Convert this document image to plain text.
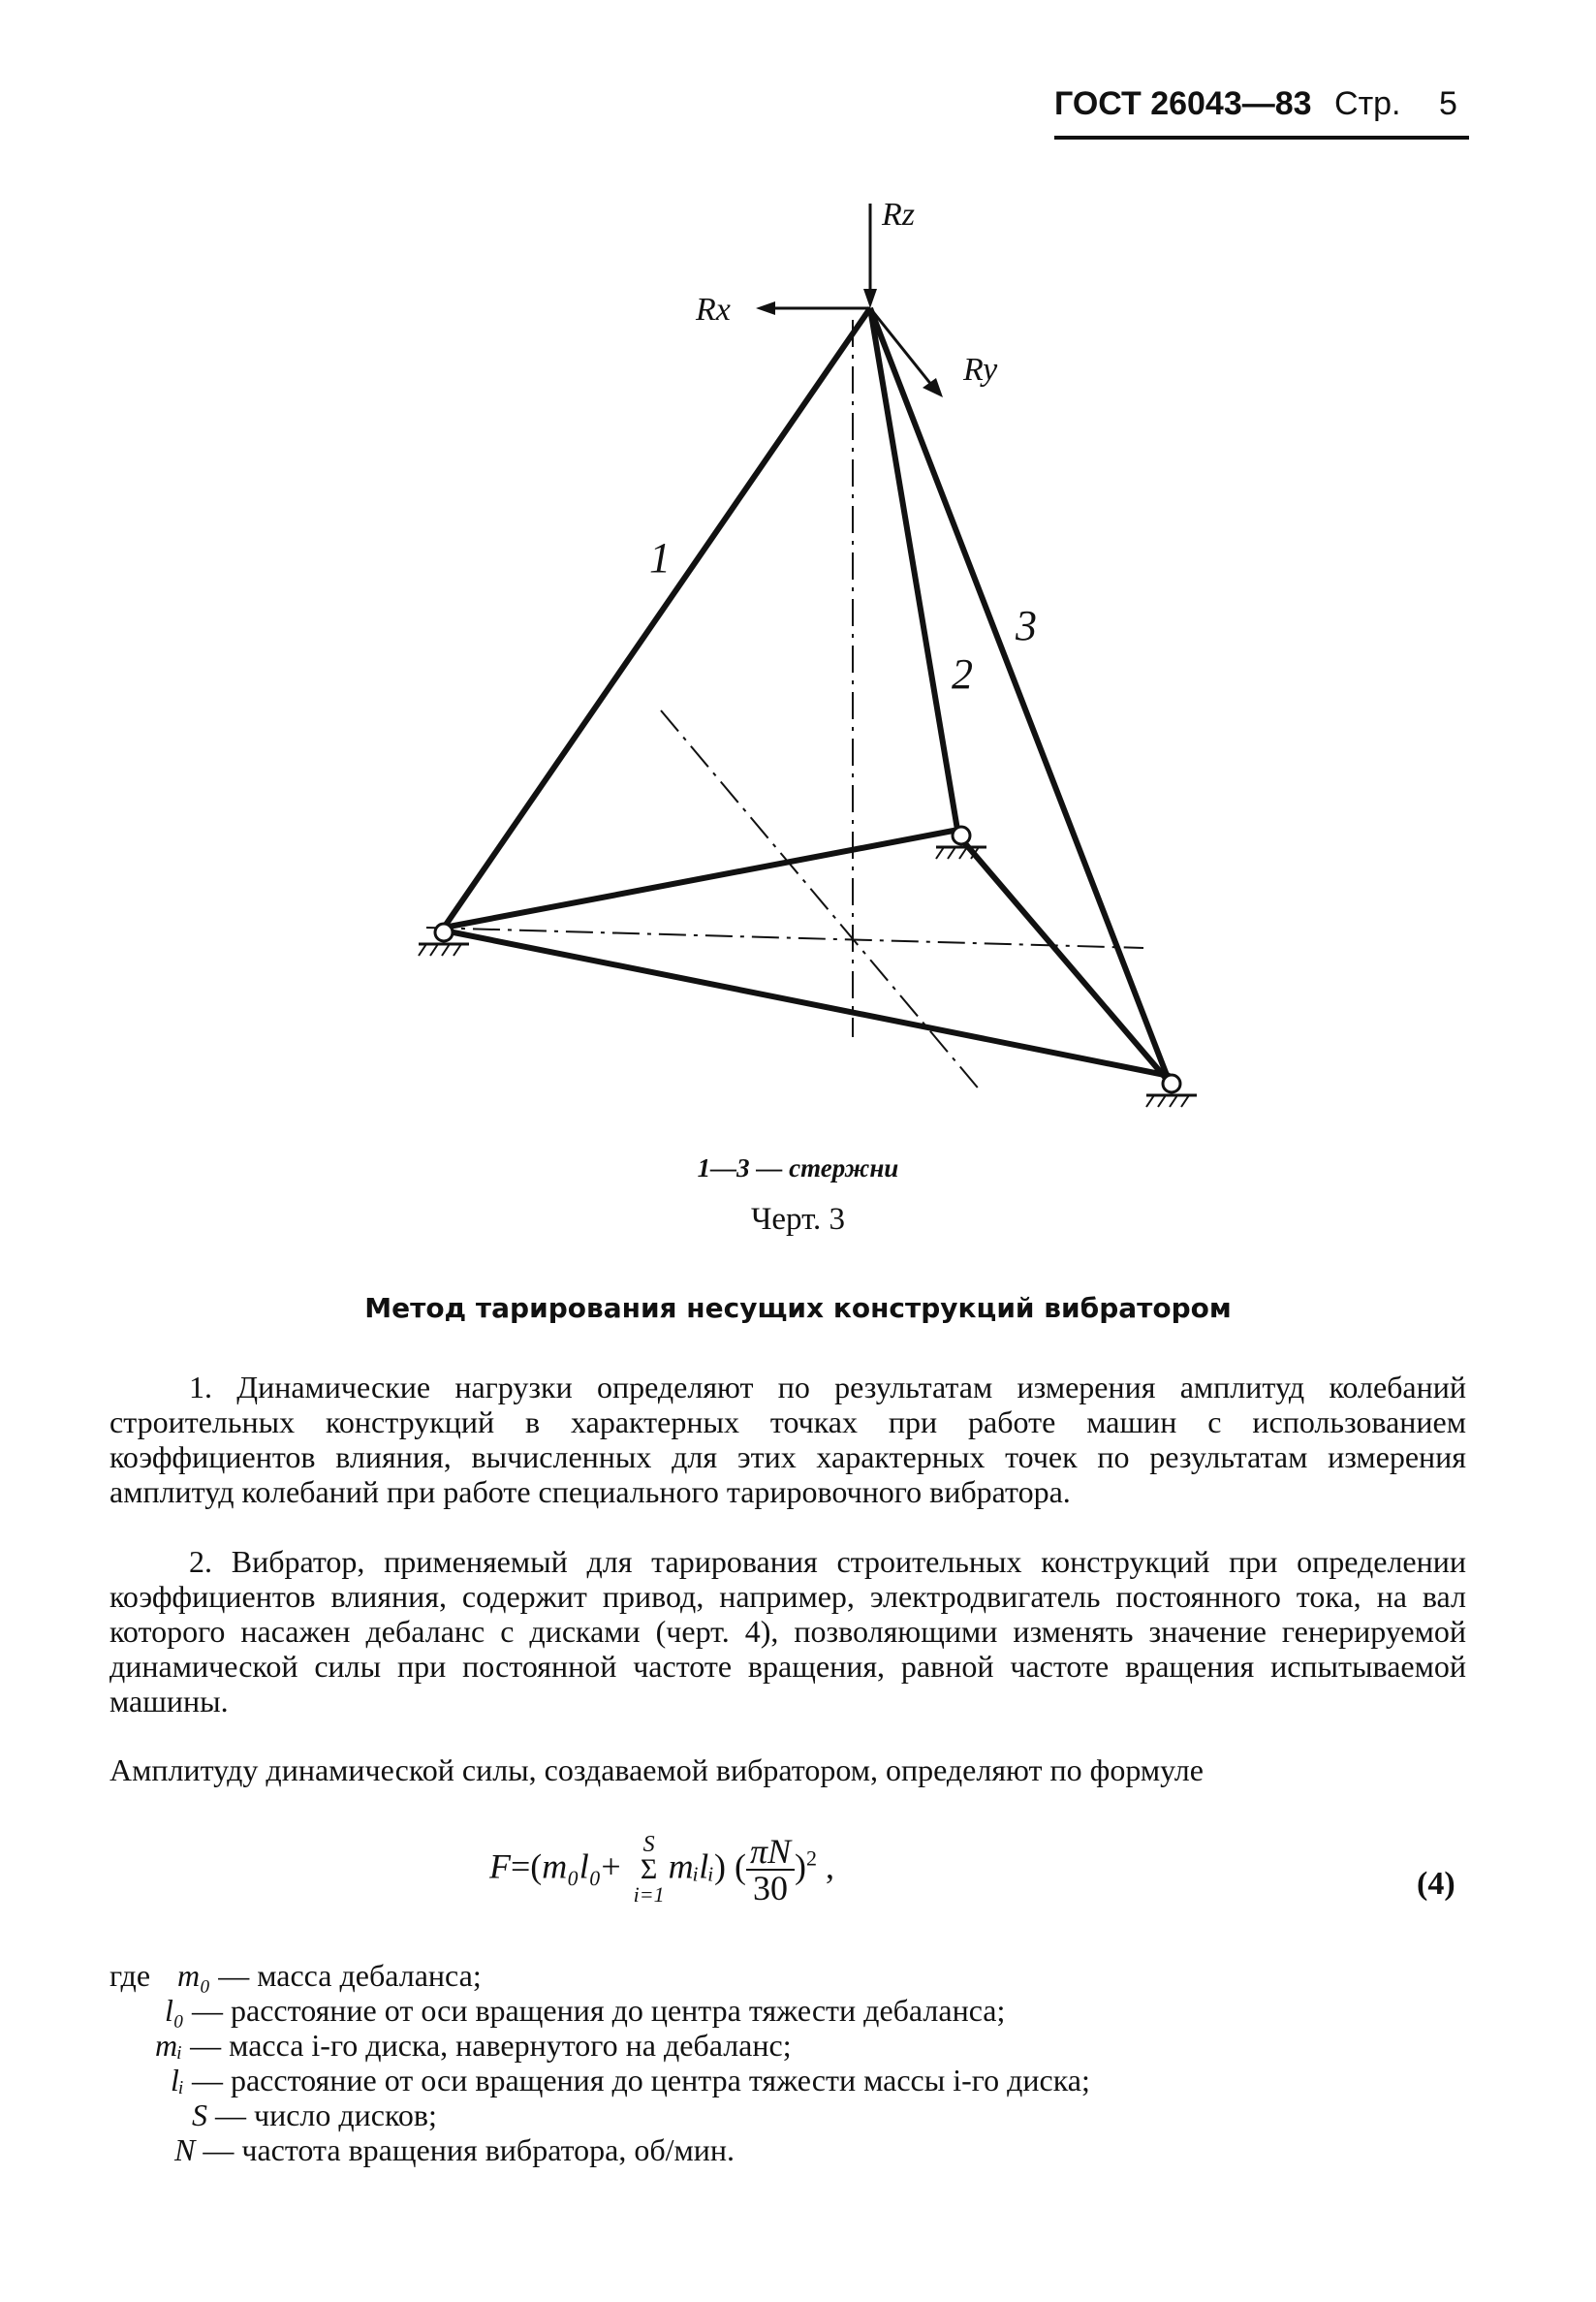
ГОСТ 26043—83 Стр. 5
Rz
Rx
Ry
1
2
3
1—3 — стержни
Черт. 3
Метод тарирования несущих конструкций вибратором
1. Динамические нагрузки определяют по результатам измерения амплитуд колебаний строительных конструкций в характерных точках при работе машин с использованием коэффициентов влияния, вычисленных для этих характерных точек по результатам измерения амплитуд колебаний при работе специального тарировочного вибратора.
2. Вибратор, применяемый для тарирования строительных конструкций при определении коэффициентов влияния, содержит привод, например, электродвигатель постоянного тока, на вал которого насажен дебаланс с дисками (черт. 4), позволяющими изменять значение генерируемой динамической силы при постоянной частоте вращения, равной частоте вращения испытываемой машины.
Амплитуду динамической силы, создаваемой вибратором, определяют по формуле
F=(m₀l₀+
S
Σ
i=1
mᵢlᵢ) ( $\frac{\pi N}{30} )^2$ ,	(4)
где m₀ — масса дебаланса;
l₀ — расстояние от оси вращения до центра тяжести дебаланса;
mᵢ — масса i-го диска, навернутого на дебаланс;
lᵢ — расстояние от оси вращения до центра тяжести массы i-го диска;
S — число дисков;
N — частота вращения вибратора, об/мин.
